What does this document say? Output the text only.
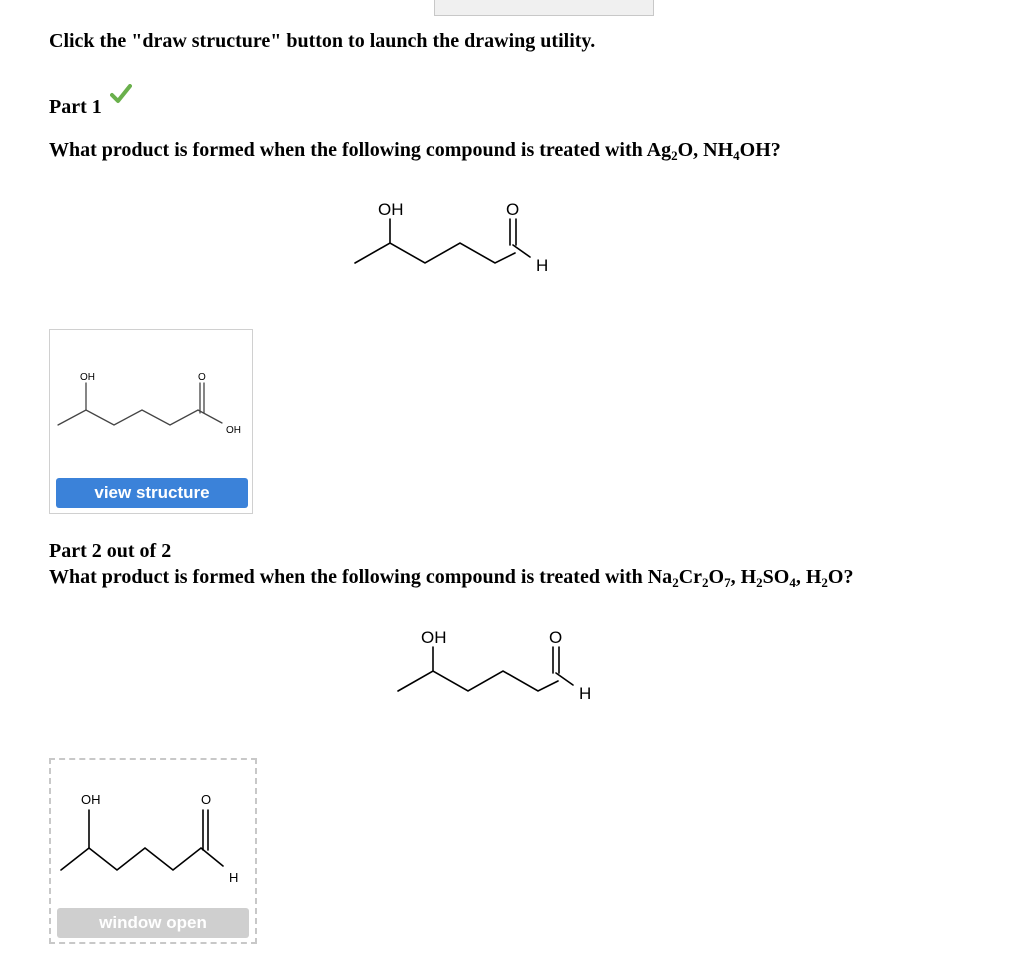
Click the "draw structure" button to launch the drawing utility.
Part 1
What product is formed when the following compound is treated with $Ag_2O$, $NH_4OH$?
OH	O
H
OH	O
OH
view structure
Part 2 out of 2
What product is formed when the following compound is treated with $Na_2Cr_2O_7$, $H_2SO_4$, $H_2O$?
OH	O
H
OH	O
H
window open
